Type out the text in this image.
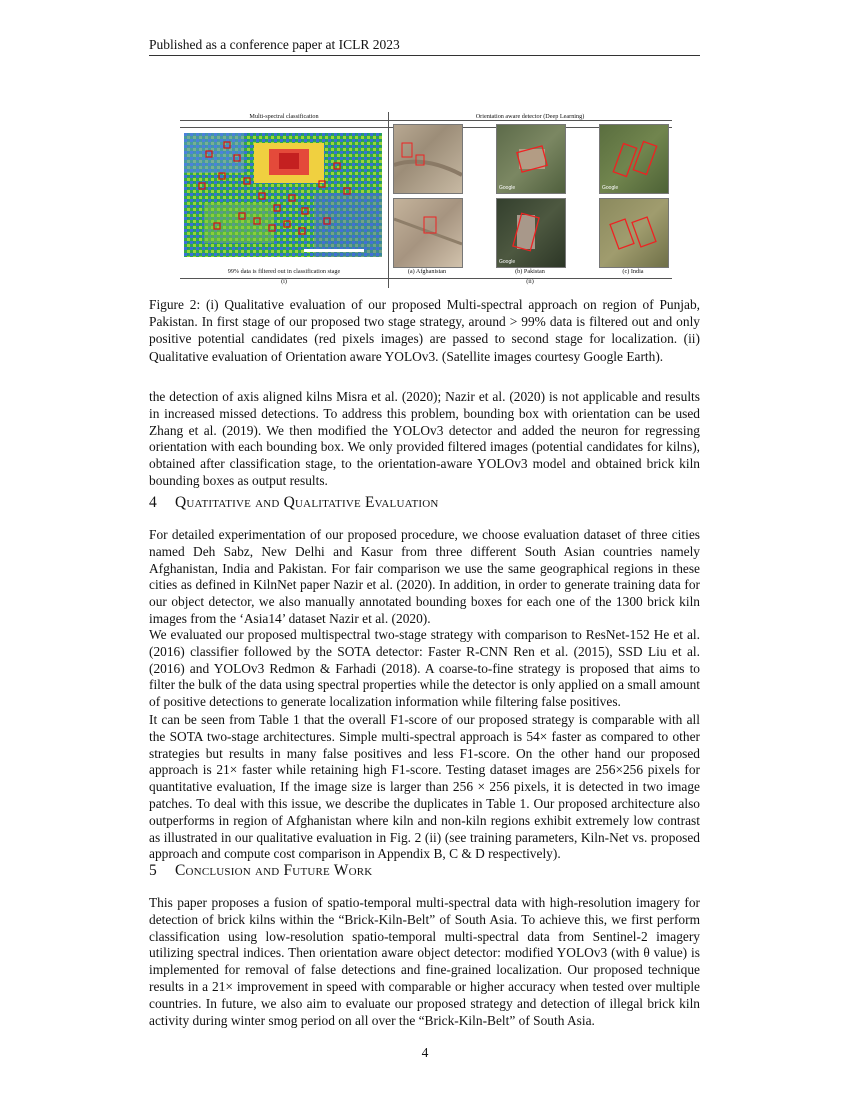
Published as a conference paper at ICLR 2023
Multi-spectral classification	Orientation aware detector (Deep Learning)
99% data is filtered out in classification stage
(i)
Google	Google
Google
(a) Afghanistan	(b) Pakistan	(c) India
(ii)
Figure 2: (i) Qualitative evaluation of our proposed Multi-spectral approach on region of Punjab, Pakistan. In first stage of our proposed two stage strategy, around > 99% data is filtered out and only positive potential candidates (red pixels images) are passed to second stage for localization. (ii) Qualitative evaluation of Orientation aware YOLOv3. (Satellite images courtesy Google Earth).

the detection of axis aligned kilns Misra et al. (2020); Nazir et al. (2020) is not applicable and results in increased missed detections. To address this problem, bounding box with orientation can be used Zhang et al. (2019). We then modified the YOLOv3 detector and added the neuron for regressing orientation with each bounding box. We only provided filtered images (potential candidates for kilns), obtained after classification stage, to the orientation-aware YOLOv3 model and obtained brick kiln bounding boxes as output results.

4 Quatitative and Qualitative Evaluation

For detailed experimentation of our proposed procedure, we choose evaluation dataset of three cities named Deh Sabz, New Delhi and Kasur from three different South Asian countries namely Afghanistan, India and Pakistan. For fair comparison we use the same geographical regions in these cities as defined in KilnNet paper Nazir et al. (2020). In addition, in order to generate training data for our object detector, we also manually annotated bounding boxes for each one of the 1300 brick kiln images from the ‘Asia14’ dataset Nazir et al. (2020).

We evaluated our proposed multispectral two-stage strategy with comparison to ResNet-152 He et al. (2016) classifier followed by the SOTA detector: Faster R-CNN Ren et al. (2015), SSD Liu et al. (2016) and YOLOv3 Redmon & Farhadi (2018). A coarse-to-fine strategy is proposed that aims to filter the bulk of the data using spectral properties while the detector is only applied on a small amount of positive detections to generate localization information while filtering false positives.

It can be seen from Table 1 that the overall F1-score of our proposed strategy is comparable with all the SOTA two-stage architectures. Simple multi-spectral approach is 54× faster as compared to other strategies but results in many false positives and less F1-score. On the other hand our proposed approach is 21× faster while retaining high F1-score. Testing dataset images are 256×256 pixels for quantitative evaluation, If the image size is larger than 256 × 256 pixels, it is detected in two image patches. To deal with this issue, we describe the duplicates in Table 1. Our proposed architecture also outperforms in region of Afghanistan where kiln and non-kiln regions exhibit extremely low contrast as illustrated in our qualitative evaluation in Fig. 2 (ii) (see training parameters, Kiln-Net vs. proposed approach and compute cost comparison in Appendix B, C & D respectively).

5 Conclusion and Future Work

This paper proposes a fusion of spatio-temporal multi-spectral data with high-resolution imagery for detection of brick kilns within the “Brick-Kiln-Belt” of South Asia. To achieve this, we first perform classification using low-resolution spatio-temporal multi-spectral data from Sentinel-2 imagery utilizing spectral indices. Then orientation aware object detector: modified YOLOv3 (with θ value) is implemented for removal of false detections and fine-grained localization. Our proposed technique results in a 21× improvement in speed with comparable or higher accuracy when tested over multiple countries. In future, we also aim to evaluate our proposed strategy and detection of illegal brick kiln activity during winter smog period on all over the “Brick-Kiln-Belt” of South Asia.

4
